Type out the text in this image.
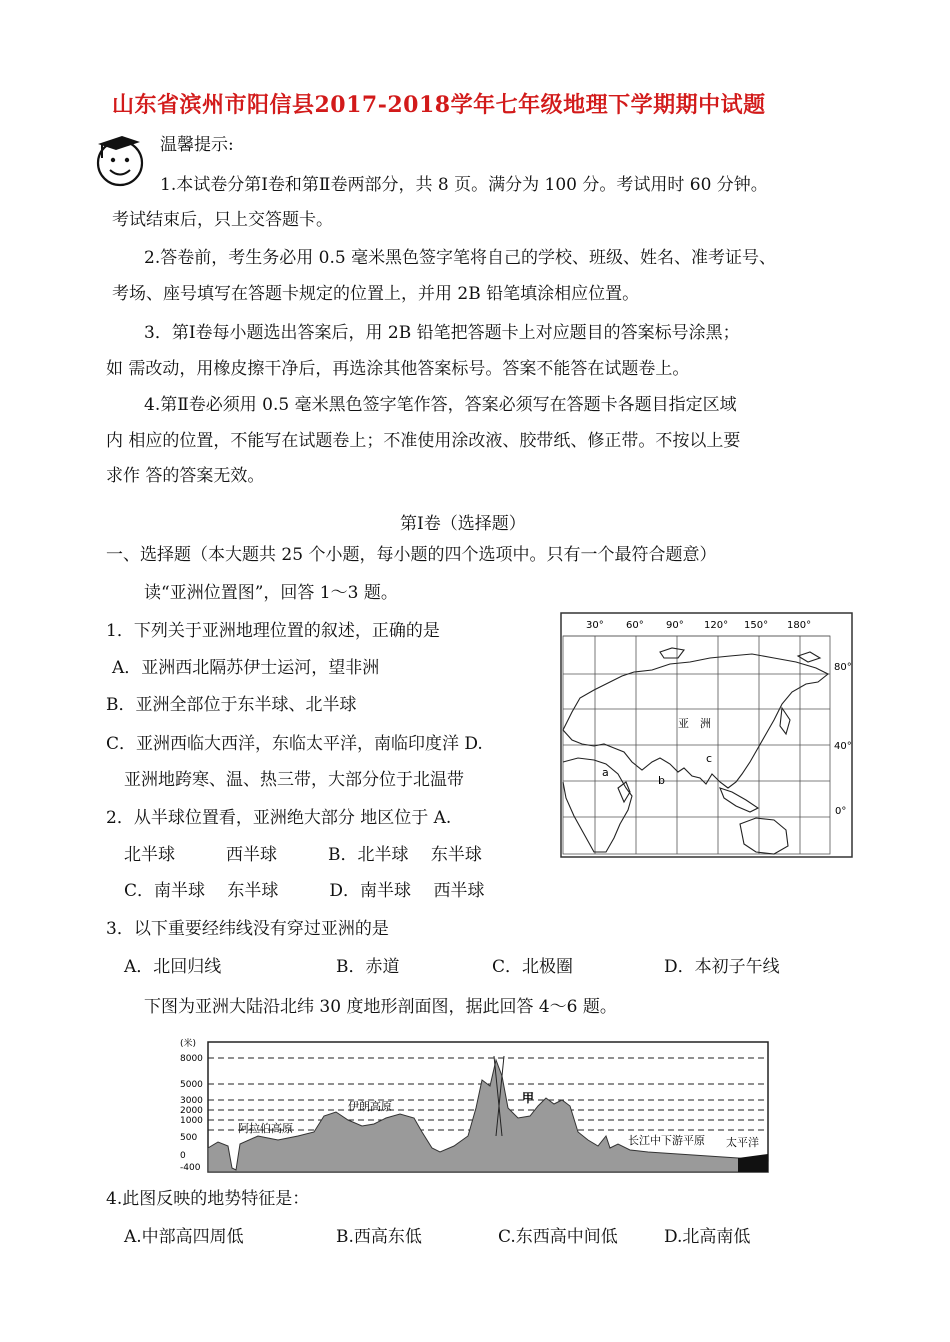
山东省滨州市阳信县2017-2018学年七年级地理下学期期中试题
温馨提示:
1.本试卷分第Ⅰ卷和第Ⅱ卷两部分，共 8 页。满分为 100 分。考试用时 60 分钟。
考试结束后，只上交答题卡。
2.答卷前，考生务必用 0.5 毫米黑色签字笔将自己的学校、班级、姓名、准考证号、
考场、座号填写在答题卡规定的位置上，并用 2B 铅笔填涂相应位置。
3．第Ⅰ卷每小题选出答案后，用 2B 铅笔把答题卡上对应题目的答案标号涂黑；
如 需改动，用橡皮擦干净后，再选涂其他答案标号。答案不能答在试题卷上。
4.第Ⅱ卷必须用 0.5 毫米黑色签字笔作答，答案必须写在答题卡各题目指定区域
内 相应的位置，不能写在试题卷上；不准使用涂改液、胶带纸、修正带。不按以上要
求作 答的答案无效。
第Ⅰ卷（选择题）
一、选择题（本大题共 25 个小题，每小题的四个选项中。只有一个最符合题意）
读“亚洲位置图”，回答 1～3 题。
1．下列关于亚洲地理位置的叙述，正确的是
A．亚洲西北隔苏伊士运河，望非洲
B．亚洲全部位于东半球、北半球
C．亚洲西临大西洋，东临太平洋，南临印度洋 D.
亚洲地跨寒、温、热三带，大部分位于北温带
2．从半球位置看，亚洲绝大部分 地区位于 A.
北半球　　　西半球　　　B．北半球　 东半球
C．南半球　 东半球　　　D．南半球　 西半球
3．以下重要经纬线没有穿过亚洲的是
A．北回归线	B．赤道	C．北极圈	D．本初子午线
下图为亚洲大陆沿北纬 30 度地形剖面图，据此回答 4～6 题。
30° 60° 90° 120° 150° 180°
80°
40°
0°
亚　洲
a
b
c
(米)
8000
5000
3000
2000
1000
500
0
-400
阿拉伯高原
伊朗高原
甲
长江中下游平原 太平洋
4.此图反映的地势特征是：
A.中部高四周低	B.西高东低	C.东西高中间低	D.北高南低
